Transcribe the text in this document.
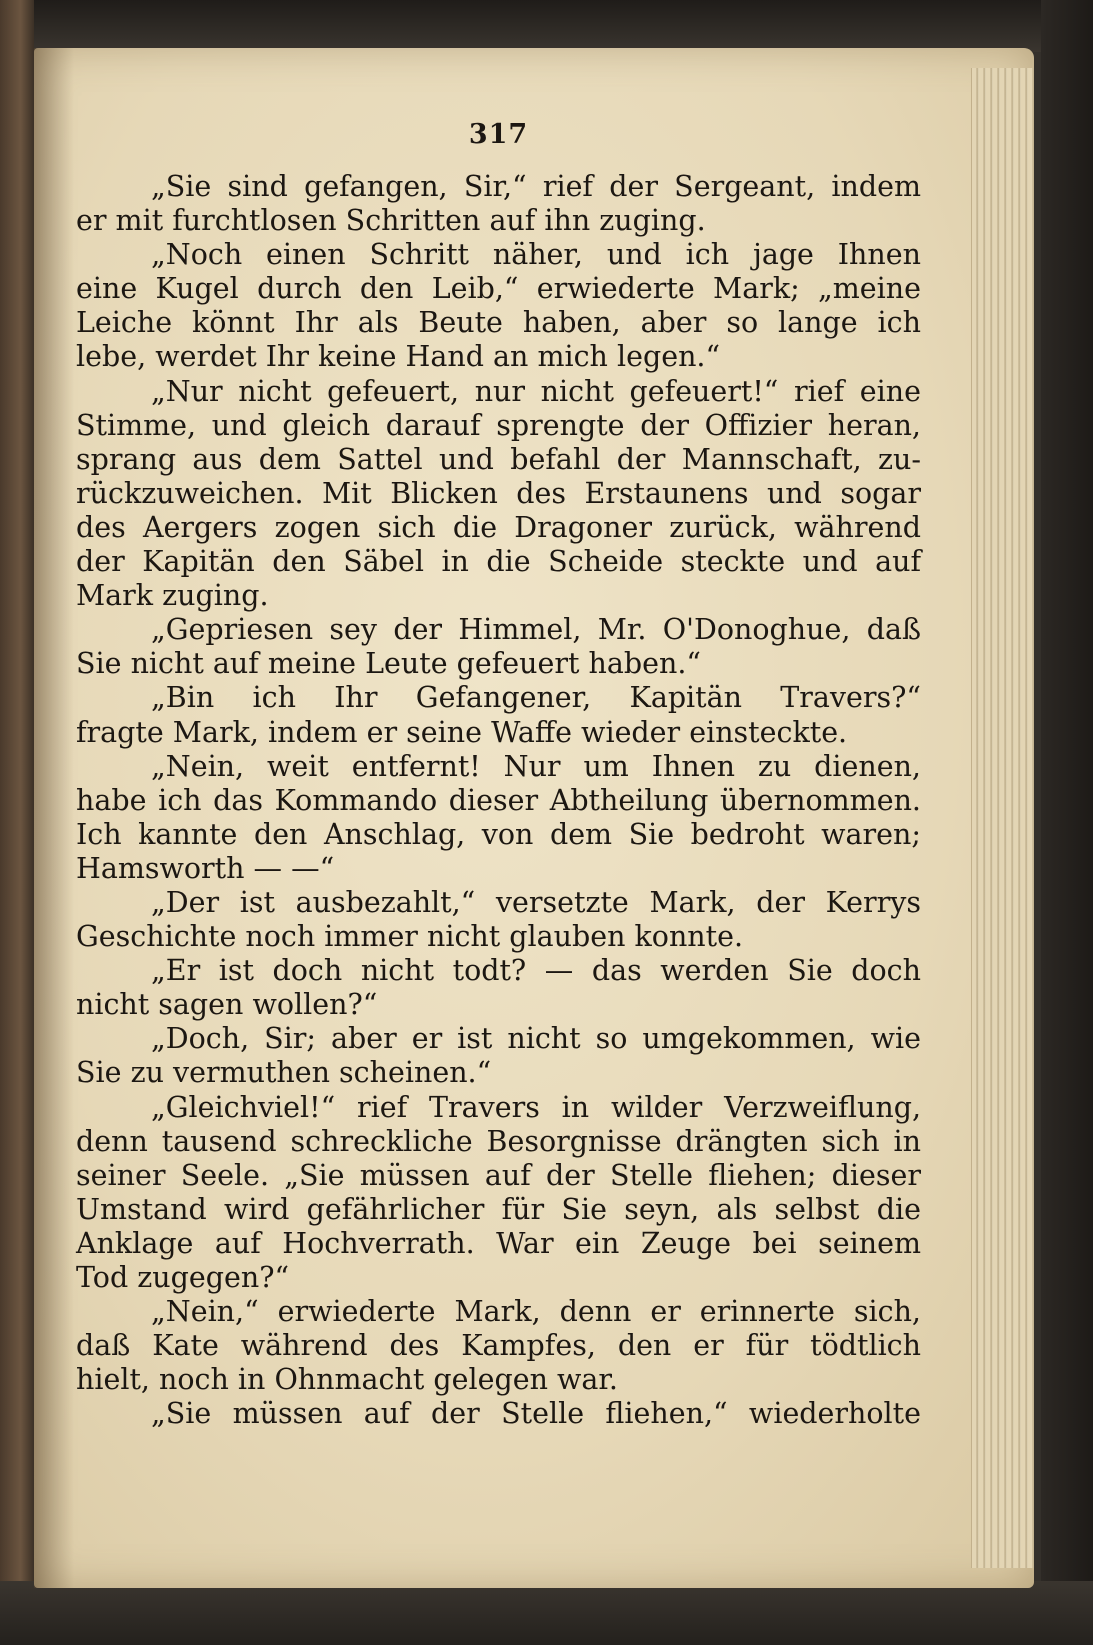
317
„Sie sind gefangen, Sir,“ rief der Sergeant, indem
er mit furchtlosen Schritten auf ihn zuging.
„Noch einen Schritt näher, und ich jage Ihnen
eine Kugel durch den Leib,“ erwiederte Mark; „meine
Leiche könnt Ihr als Beute haben, aber so lange ich
lebe, werdet Ihr keine Hand an mich legen.“
„Nur nicht gefeuert, nur nicht gefeuert!“ rief eine
Stimme, und gleich darauf sprengte der Offizier heran,
sprang aus dem Sattel und befahl der Mannschaft, zu-
rückzuweichen. Mit Blicken des Erstaunens und sogar
des Aergers zogen sich die Dragoner zurück, während
der Kapitän den Säbel in die Scheide steckte und auf
Mark zuging.
„Gepriesen sey der Himmel, Mr. O'Donoghue, daß
Sie nicht auf meine Leute gefeuert haben.“
„Bin ich Ihr Gefangener, Kapitän Travers?“
fragte Mark, indem er seine Waffe wieder einsteckte.
„Nein, weit entfernt! Nur um Ihnen zu dienen,
habe ich das Kommando dieser Abtheilung übernommen.
Ich kannte den Anschlag, von dem Sie bedroht waren;
Hamsworth — —“
„Der ist ausbezahlt,“ versetzte Mark, der Kerrys
Geschichte noch immer nicht glauben konnte.
„Er ist doch nicht todt? — das werden Sie doch
nicht sagen wollen?“
„Doch, Sir; aber er ist nicht so umgekommen, wie
Sie zu vermuthen scheinen.“
„Gleichviel!“ rief Travers in wilder Verzweiflung,
denn tausend schreckliche Besorgnisse drängten sich in
seiner Seele. „Sie müssen auf der Stelle fliehen; dieser
Umstand wird gefährlicher für Sie seyn, als selbst die
Anklage auf Hochverrath. War ein Zeuge bei seinem
Tod zugegen?“
„Nein,“ erwiederte Mark, denn er erinnerte sich,
daß Kate während des Kampfes, den er für tödtlich
hielt, noch in Ohnmacht gelegen war.
„Sie müssen auf der Stelle fliehen,“ wiederholte
